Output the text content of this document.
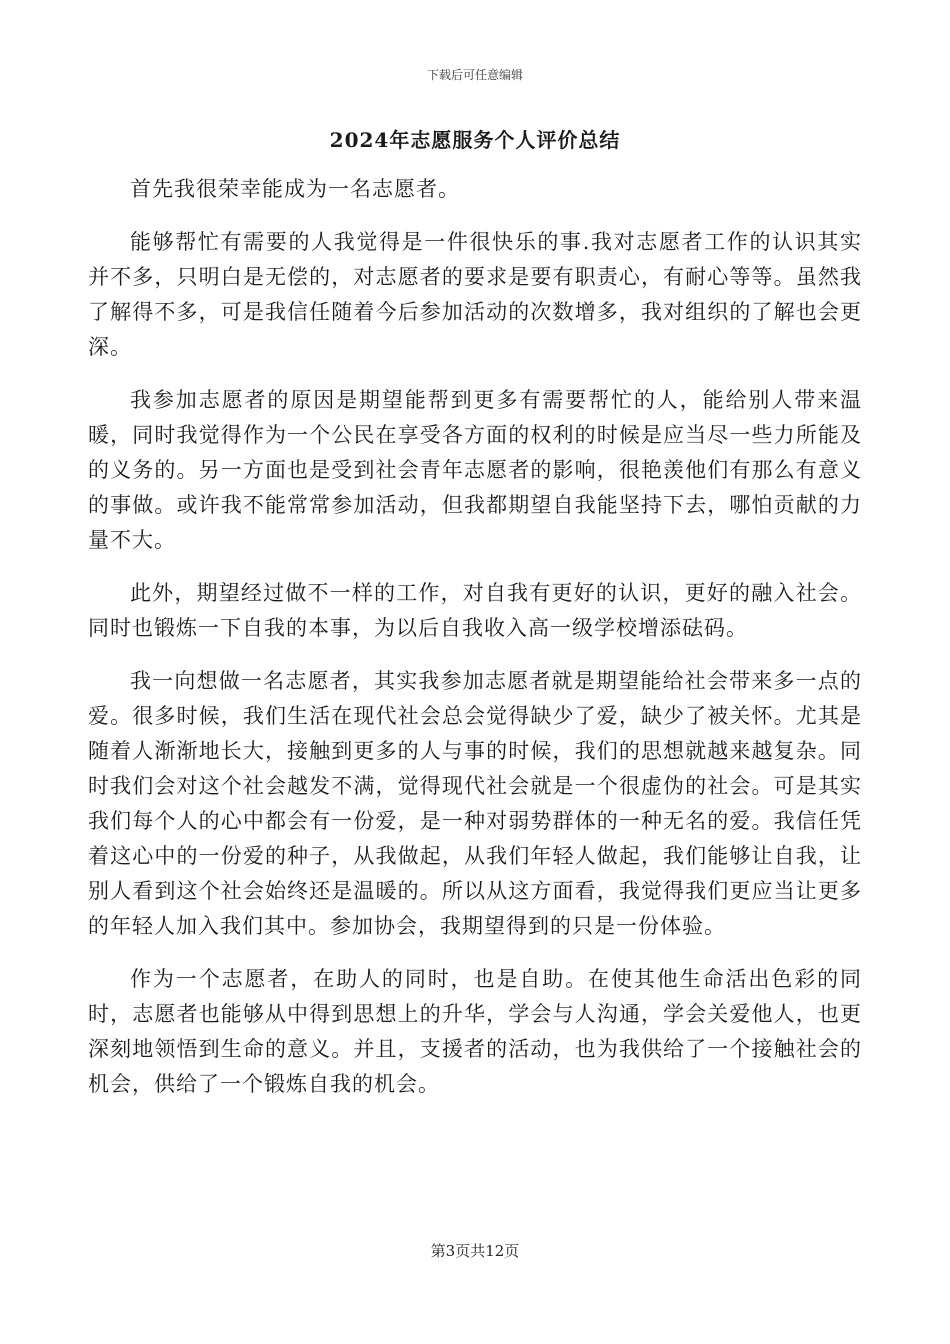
下载后可任意编辑
2024年志愿服务个人评价总结

首先我很荣幸能成为一名志愿者。

能够帮忙有需要的人我觉得是一件很快乐的事.我对志愿者工作的认识其实并不多，只明白是无偿的，对志愿者的要求是要有职责心，有耐心等等。虽然我了解得不多，可是我信任随着今后参加活动的次数增多，我对组织的了解也会更深。

我参加志愿者的原因是期望能帮到更多有需要帮忙的人，能给别人带来温暖，同时我觉得作为一个公民在享受各方面的权利的时候是应当尽一些力所能及的义务的。另一方面也是受到社会青年志愿者的影响，很艳羡他们有那么有意义的事做。或许我不能常常参加活动，但我都期望自我能坚持下去，哪怕贡献的力量不大。

此外，期望经过做不一样的工作，对自我有更好的认识，更好的融入社会。同时也锻炼一下自我的本事，为以后自我收入高一级学校增添砝码。

我一向想做一名志愿者，其实我参加志愿者就是期望能给社会带来多一点的爱。很多时候，我们生活在现代社会总会觉得缺少了爱，缺少了被关怀。尤其是随着人渐渐地长大，接触到更多的人与事的时候，我们的思想就越来越复杂。同时我们会对这个社会越发不满，觉得现代社会就是一个很虚伪的社会。可是其实我们每个人的心中都会有一份爱，是一种对弱势群体的一种无名的爱。我信任凭着这心中的一份爱的种子，从我做起，从我们年轻人做起，我们能够让自我，让别人看到这个社会始终还是温暖的。所以从这方面看，我觉得我们更应当让更多的年轻人加入我们其中。参加协会，我期望得到的只是一份体验。

作为一个志愿者，在助人的同时，也是自助。在使其他生命活出色彩的同时，志愿者也能够从中得到思想上的升华，学会与人沟通，学会关爱他人，也更深刻地领悟到生命的意义。并且，支援者的活动，也为我供给了一个接触社会的机会，供给了一个锻炼自我的机会。

第3页共12页
